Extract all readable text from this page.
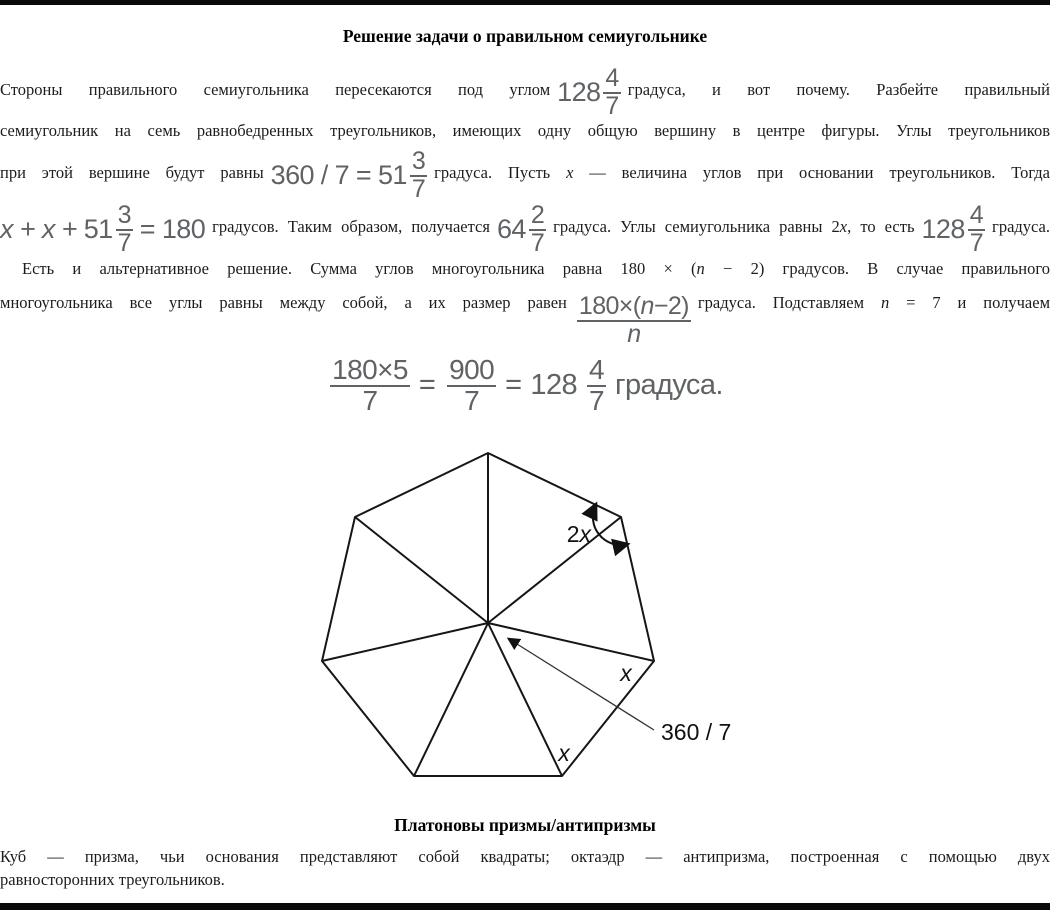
Решение задачи о правильном семиугольнике
Стороны правильного семиугольника пересекаются под углом $128 \frac{4}{7}$ градуса, и вот почему. Разбейте правильный
семиугольник на семь равнобедренных треугольников, имеющих одну общую вершину в центре фигуры. Углы треугольников
при этой вершине будут равны $360 / 7 = 51 \frac{3}{7}$ градуса. Пусть x — величина углов при основании треугольников. Тогда
$x + x + 51 \frac{3}{7} = 180$ градусов. Таким образом, получается $64 \frac{2}{7}$ градуса. Углы семиугольника равны 2x, то есть $128 \frac{4}{7}$ градуса.
Есть и альтернативное решение. Сумма углов многоугольника равна 180 × (n − 2) градусов. В случае правильного
многоугольника все углы равны между собой, а их размер равен $\frac{180\times( n -2)}{n}$ градуса. Подставляем n = 7 и получаем
$\frac{180\times 5}{7} = \frac{900}{7} = 128 \frac{4}{7}$ градуса.
2x
x
x
360 / 7
Платоновы призмы/антипризмы
Куб — призма, чьи основания представляют собой квадраты; октаэдр — антипризма, построенная с помощью двух
равносторонних треугольников.
